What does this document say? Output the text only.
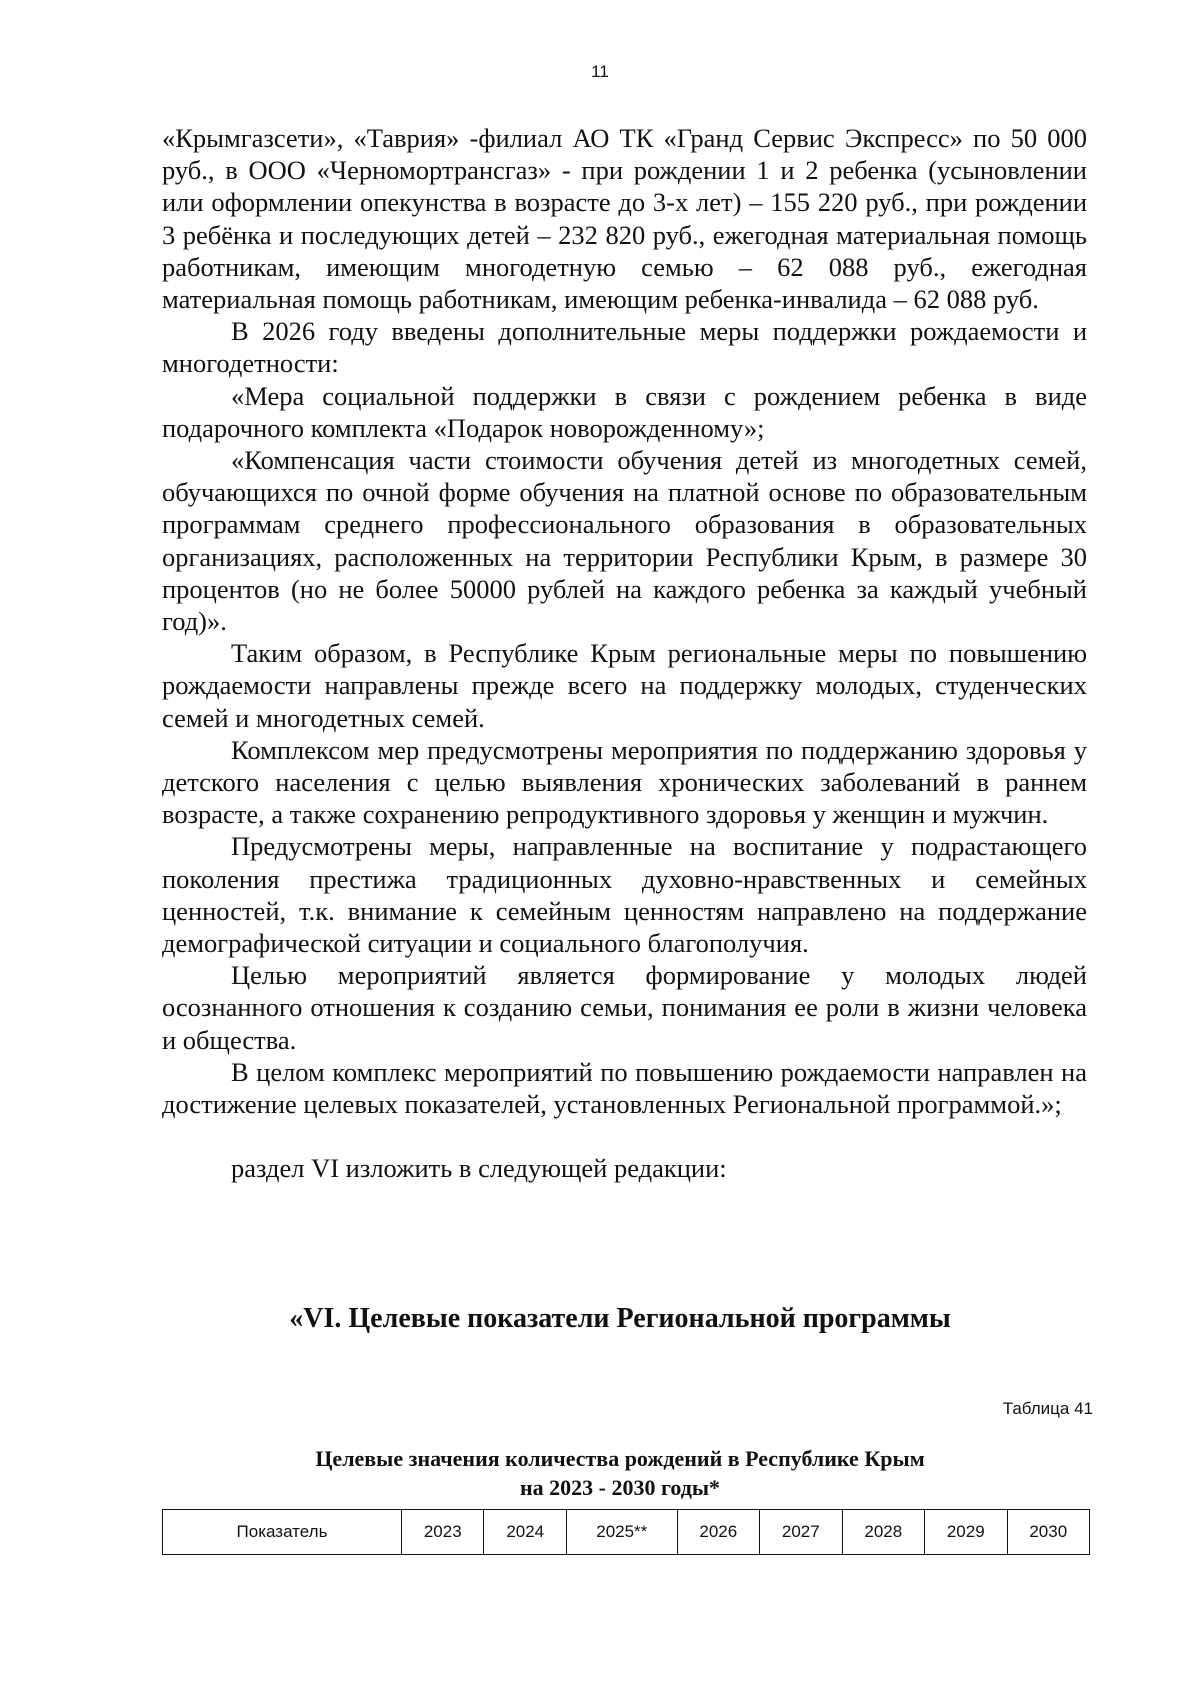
11

«Крымгазсети», «Таврия» -филиал АО ТК «Гранд Сервис Экспресс» по 50 000 руб., в ООО «Черномортрансгаз» - при рождении 1 и 2 ребенка (усыновлении или оформлении опекунства в возрасте до 3-х лет) – 155 220 руб., при рождении 3 ребёнка и последующих детей – 232 820 руб., ежегодная материальная помощь работникам, имеющим многодетную семью – 62 088 руб., ежегодная материальная помощь работникам, имеющим ребенка-инвалида – 62 088 руб.

В 2026 году введены дополнительные меры поддержки рождаемости и многодетности:

«Мера социальной поддержки в связи с рождением ребенка в виде подарочного комплекта «Подарок новорожденному»;

«Компенсация части стоимости обучения детей из многодетных семей, обучающихся по очной форме обучения на платной основе по образовательным программам среднего профессионального образования в образовательных организациях, расположенных на территории Республики Крым, в размере 30 процентов (но не более 50000 рублей на каждого ребенка за каждый учебный год)».

Таким образом, в Республике Крым региональные меры по повышению рождаемости направлены прежде всего на поддержку молодых, студенческих семей и многодетных семей.

Комплексом мер предусмотрены мероприятия по поддержанию здоровья у детского населения с целью выявления хронических заболеваний в раннем возрасте, а также сохранению репродуктивного здоровья у женщин и мужчин.

Предусмотрены меры, направленные на воспитание у подрастающего поколения престижа традиционных духовно-нравственных и семейных ценностей, т.к. внимание к семейным ценностям направлено на поддержание демографической ситуации и социального благополучия.

Целью мероприятий является формирование у молодых людей осознанного отношения к созданию семьи, понимания ее роли в жизни человека и общества.

В целом комплекс мероприятий по повышению рождаемости направлен на достижение целевых показателей, установленных Региональной программой.»;

раздел VI изложить в следующей редакции:

«VI. Целевые показатели Региональной программы
Таблица 41
Целевые значения количества рождений в Республике Крым
на 2023 - 2030 годы*
Показатель	2023	2024	2025**	2026	2027	2028	2029	2030
